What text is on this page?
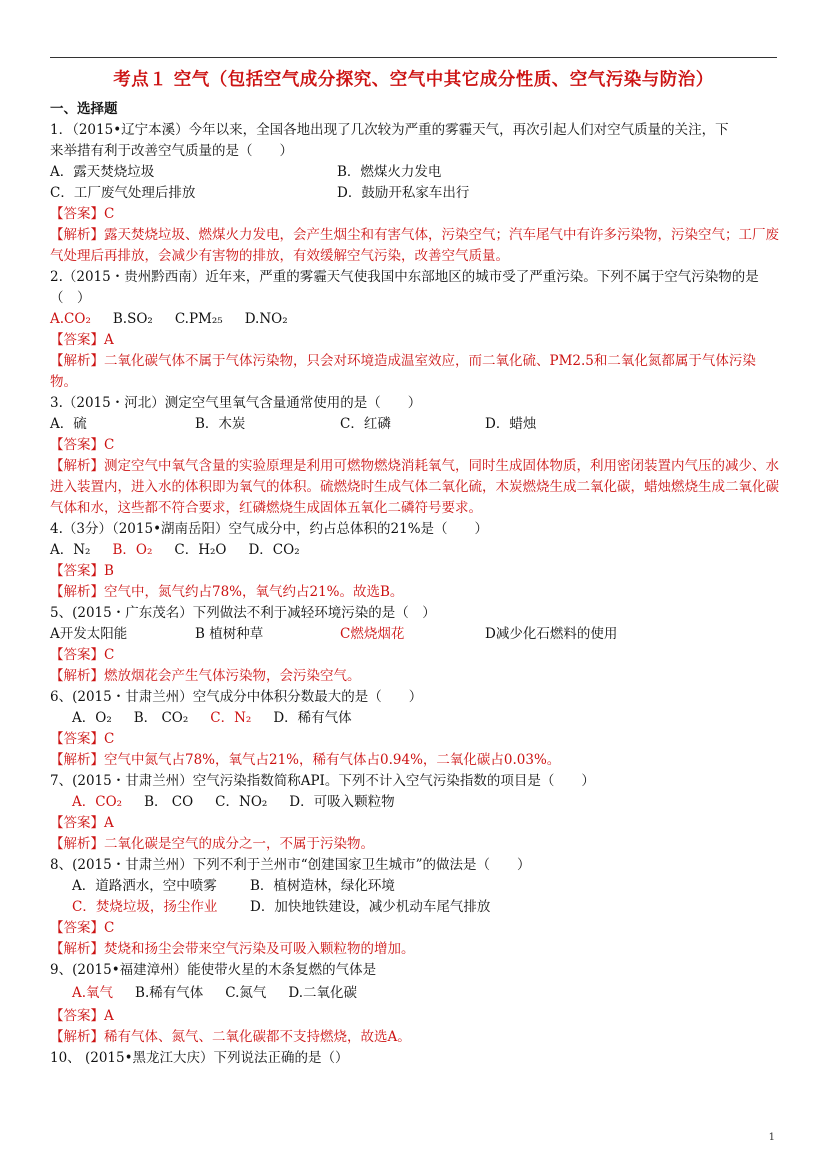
考点１ 空气（包括空气成分探究、空气中其它成分性质、空气污染与防治）
一、选择题
1．（2015•辽宁本溪）今年以来，全国各地出现了几次较为严重的雾霾天气，再次引起人们对空气质量的关注，下
来举措有利于改善空气质量的是（　　）
A．露天焚烧垃圾	B．燃煤火力发电
C．工厂废气处理后排放	D．鼓励开私家车出行
【答案】C
【解析】露天焚烧垃圾、燃煤火力发电，会产生烟尘和有害气体，污染空气；汽车尾气中有许多污染物，污染空气；工厂废气处理后再排放，会减少有害物的排放，有效缓解空气污染，改善空气质量。
2.（2015・贵州黔西南）近年来，严重的雾霾天气使我国中东部地区的城市受了严重污染。下列不属于空气污染物的是（　）
A.CO₂ B.SO₂ C.PM₂₅ D.NO₂
【答案】A
【解析】二氧化碳气体不属于气体污染物，只会对环境造成温室效应，而二氧化硫、PM2.5和二氧化氮都属于气体污染物。
3.（2015・河北）测定空气里氧气含量通常使用的是（　　）
A．硫	B．木炭	C．红磷	D．蜡烛
【答案】C
【解析】测定空气中氧气含量的实验原理是利用可燃物燃烧消耗氧气，同时生成固体物质，利用密闭装置内气压的减少、水进入装置内，进入水的体积即为氧气的体积。硫燃烧时生成气体二氧化硫，木炭燃烧生成二氧化碳，蜡烛燃烧生成二氧化碳气体和水，这些都不符合要求，红磷燃烧生成固体五氧化二磷符号要求。
4.（3分）（2015•湖南岳阳）空气成分中，约占总体积的21%是（　　）
A．N₂ B．O₂ C．H₂O D．CO₂
【答案】B
【解析】空气中，氮气约占78%，氧气约占21%。故选B。
5、(2015・广东茂名）下列做法不利于减轻环境污染的是（　）
A开发太阳能	B 植树种草	C燃烧烟花	D减少化石燃料的使用
【答案】C
【解析】燃放烟花会产生气体污染物，会污染空气。
6、(2015・甘肃兰州）空气成分中体积分数最大的是（　　）
A．O₂ B． CO₂ C．N₂ D．稀有气体
【答案】C
【解析】空气中氮气占78%，氧气占21%，稀有气体占0.94%，二氧化碳占0.03%。
7、(2015・甘肃兰州）空气污染指数简称API。下列不计入空气污染指数的项目是（　　）
A．CO₂ B． CO C．NO₂ D．可吸入颗粒物
【答案】A
【解析】二氧化碳是空气的成分之一，不属于污染物。
8、(2015・甘肃兰州）下列不利于兰州市“创建国家卫生城市”的做法是（　　）
A．道路洒水，空中喷雾 B．植树造林，绿化环境
C．焚烧垃圾，扬尘作业 D．加快地铁建设，减少机动车尾气排放
【答案】C
【解析】焚烧和扬尘会带来空气污染及可吸入颗粒物的增加。
9、(2015•福建漳州）能使带火星的木条复燃的气体是
A.氧气 B.稀有气体 C.氮气 D.二氧化碳
【答案】A
【解析】稀有气体、氮气、二氧化碳都不支持燃烧，故选A。
10、 (2015•黑龙江大庆）下列说法正确的是（）
1
